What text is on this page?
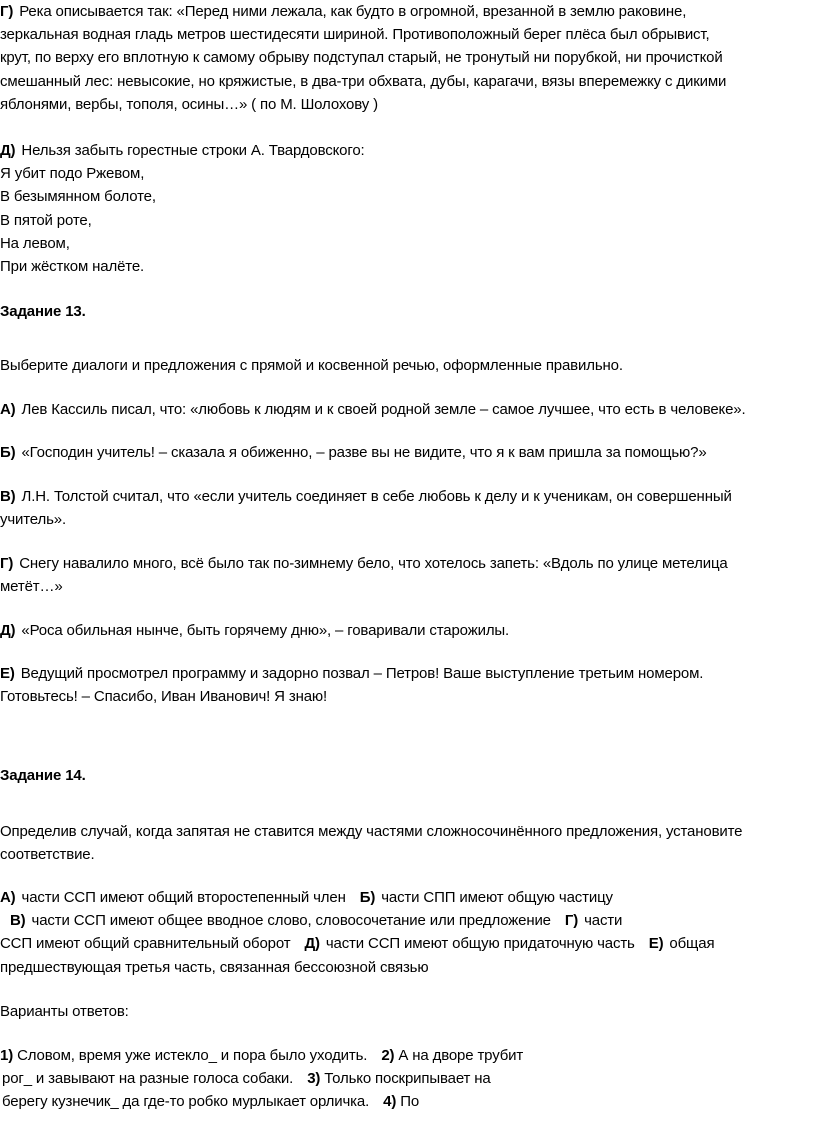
Г) Река описывается так: «Перед ними лежала, как будто в огромной, врезанной в землю раковине,
зеркальная водная гладь метров шестидесяти шириной. Противоположный берег плёса был обрывист,
крут, по верху его вплотную к самому обрыву подступал старый, не тронутый ни порубкой, ни прочисткой
смешанный лес: невысокие, но кряжистые, в два-три обхвата, дубы, карагачи, вязы вперемежку с дикими
яблонями, вербы, тополя, осины…» ( по М. Шолохову )
Д) Нельзя забыть горестные строки А. Твардовского:
Я убит подо Ржевом,
В безымянном болоте,
В пятой роте,
На левом,
При жёстком налёте.
Задание 13.
Выберите диалоги и предложения с прямой и косвенной речью, оформленные правильно.
А) Лев Кассиль писал, что: «любовь к людям и к своей родной земле – самое лучшее, что есть в человеке».
Б) «Господин учитель! – сказала я обиженно, – разве вы не видите, что я к вам пришла за помощью?»
В) Л.Н. Толстой считал, что «если учитель соединяет в себе любовь к делу и к ученикам, он совершенный
учитель».
Г) Снегу навалило много, всё было так по-зимнему бело, что хотелось запеть: «Вдоль по улице метелица
метёт…»
Д) «Роса обильная нынче, быть горячему дню», – говаривали старожилы.
Е) Ведущий просмотрел программу и задорно позвал – Петров! Ваше выступление третьим номером.
Готовьтесь! – Спасибо, Иван Иванович! Я знаю!
Задание 14.
Определив случай, когда запятая не ставится между частями сложносочинённого предложения, установите
соответствие.
А) части ССП имеют общий второстепенный член Б) части СПП имеют общую частицу
В) части ССП имеют общее вводное слово, словосочетание или предложение Г) части
ССП имеют общий сравнительный оборот Д) части ССП имеют общую придаточную часть Е) общая
предшествующая третья часть, связанная бессоюзной связью
Варианты ответов:
1) Словом, время уже истекло_ и пора было уходить. 2) А на дворе трубит
рог_ и завывают на разные голоса собаки. 3) Только поскрипывает на
берегу кузнечик_ да где-то робко мурлыкает орличка. 4) По
